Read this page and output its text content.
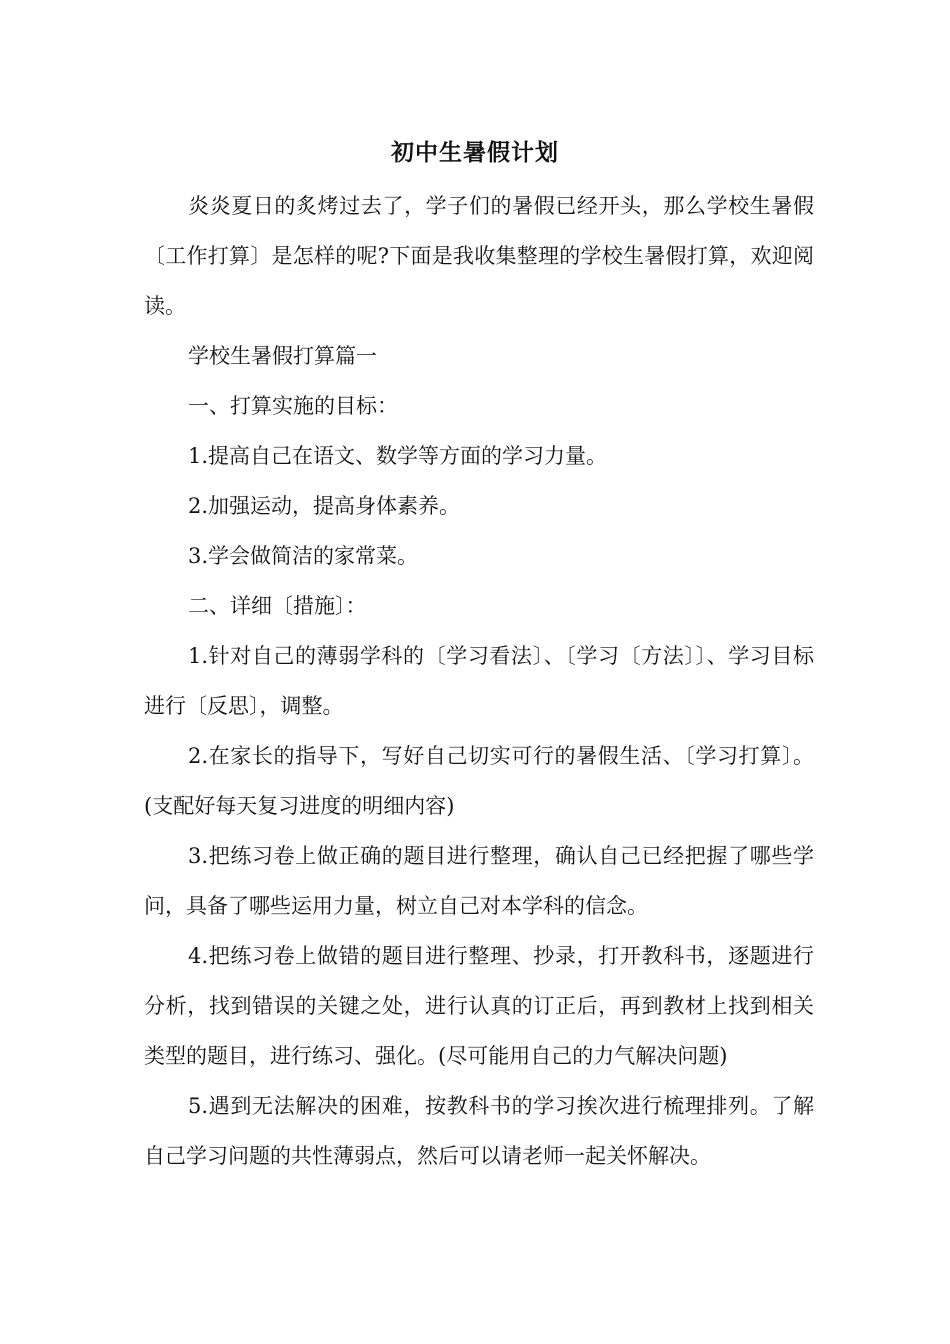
初中生暑假计划

炎炎夏日的炙烤过去了，学子们的暑假已经开头，那么学校生暑假〔工作打算〕是怎样的呢?下面是我收集整理的学校生暑假打算，欢迎阅读。

学校生暑假打算篇一

一、打算实施的目标：

1.提高自己在语文、数学等方面的学习力量。

2.加强运动，提高身体素养。

3.学会做简洁的家常菜。

二、详细〔措施〕：

1.针对自己的薄弱学科的〔学习看法〕、〔学习〔方法〕〕、学习目标进行〔反思〕，调整。

2.在家长的指导下，写好自己切实可行的暑假生活、〔学习打算〕。(支配好每天复习进度的明细内容)

3.把练习卷上做正确的题目进行整理，确认自己已经把握了哪些学问，具备了哪些运用力量，树立自己对本学科的信念。

4.把练习卷上做错的题目进行整理、抄录，打开教科书，逐题进行分析，找到错误的关键之处，进行认真的订正后，再到教材上找到相关类型的题目，进行练习、强化。(尽可能用自己的力气解决问题)

5.遇到无法解决的困难，按教科书的学习挨次进行梳理排列。了解自己学习问题的共性薄弱点，然后可以请老师一起关怀解决。
